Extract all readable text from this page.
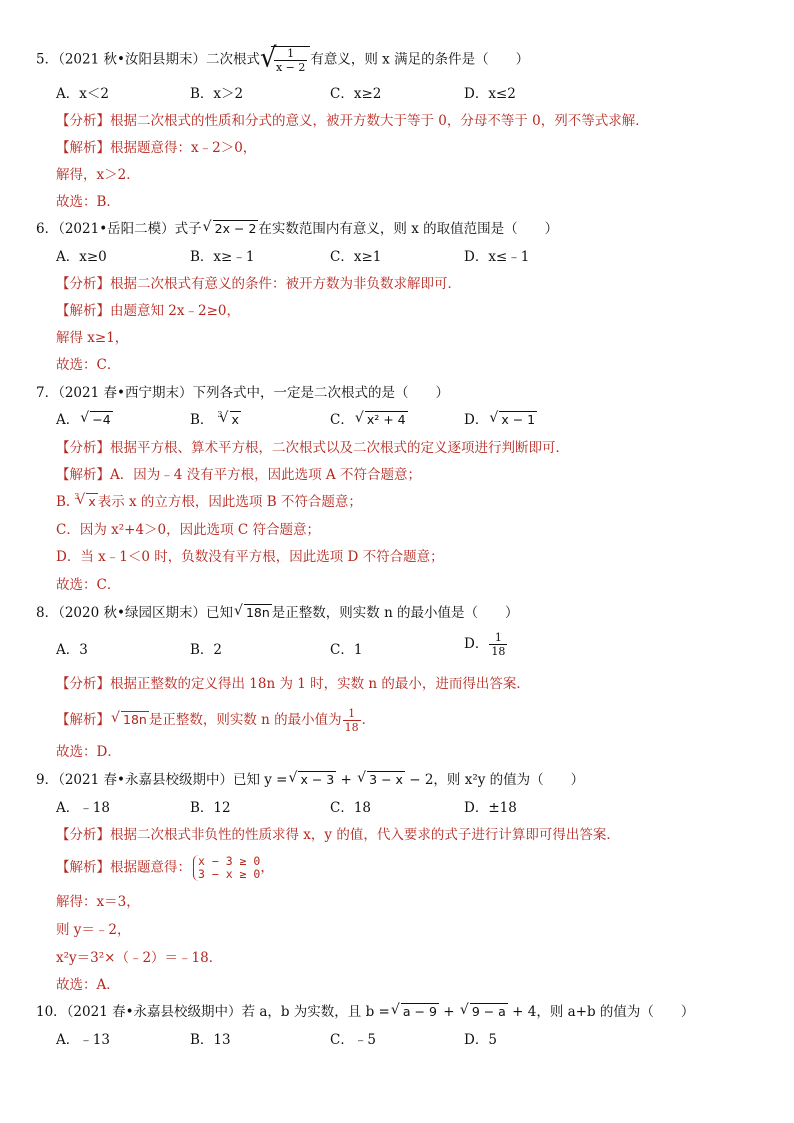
5．（2021 秋•汝阳县期末）二次根式 √ $\frac{1}{x - 2}$ 有意义，则 x 满足的条件是（　　）
A．x＜2	B．x＞2	C．x≥2	D．x≤2
【分析】根据二次根式的性质和分式的意义，被开方数大于等于 0，分母不等于 0，列不等式求解．
【解析】根据题意得：x﹣2＞0，
解得，x＞2．
故选：B．
6．（2021•岳阳二模）式子 √ 2x − 2 在实数范围内有意义，则 x 的取值范围是（　　）
A．x≥0	B．x≥﹣1	C．x≥1	D．x≤﹣1
【分析】根据二次根式有意义的条件：被开方数为非负数求解即可．
【解析】由题意知 2x﹣2≥0，
解得 x≥1，
故选：C．
7．（2021 春•西宁期末）下列各式中，一定是二次根式的是（　　）
A． √ −4	B． $^3$ √ x	C． √ x² + 4	D． √ x − 1
【分析】根据平方根、算术平方根，二次根式以及二次根式的定义逐项进行判断即可．
【解析】A．因为﹣4 没有平方根，因此选项 A 不符合题意；
B. $^3$ √ x 表示 x 的立方根，因此选项 B 不符合题意；
C．因为 x²+4＞0，因此选项 C 符合题意；
D．当 x﹣1＜0 时，负数没有平方根，因此选项 D 不符合题意；
故选：C．
8．（2020 秋•绿园区期末）已知 √ 18n 是正整数，则实数 n 的最小值是（　　）
A．3	B．2	C．1	D． $\frac{1}{18}$
【分析】根据正整数的定义得出 18n 为 1 时，实数 n 的最小，进而得出答案．
【解析】 √ 18n 是正整数，则实数 n 的最小值为 $\frac{1}{18}$ ．
故选：D．
9．（2021 春•永嘉县校级期中）已知 y = √ x − 3 + √ 3 − x − 2，则 x²y 的值为（　　）
A．﹣18	B．12	C．18	D．±18
【分析】根据二次根式非负性的性质求得 x，y 的值，代入要求的式子进行计算即可得出答案．
【解析】根据题意得： x − 3 ≥ 0
3 − x ≥ 0，
解得：x＝3，
则 y＝﹣2，
x²y＝3²×（﹣2）＝﹣18．
故选：A．
10．（2021 春•永嘉县校级期中）若 a，b 为实数，且 b = √ a − 9 + √ 9 − a + 4，则 a+b 的值为（　　）
A．﹣13	B．13	C．﹣5	D．5
